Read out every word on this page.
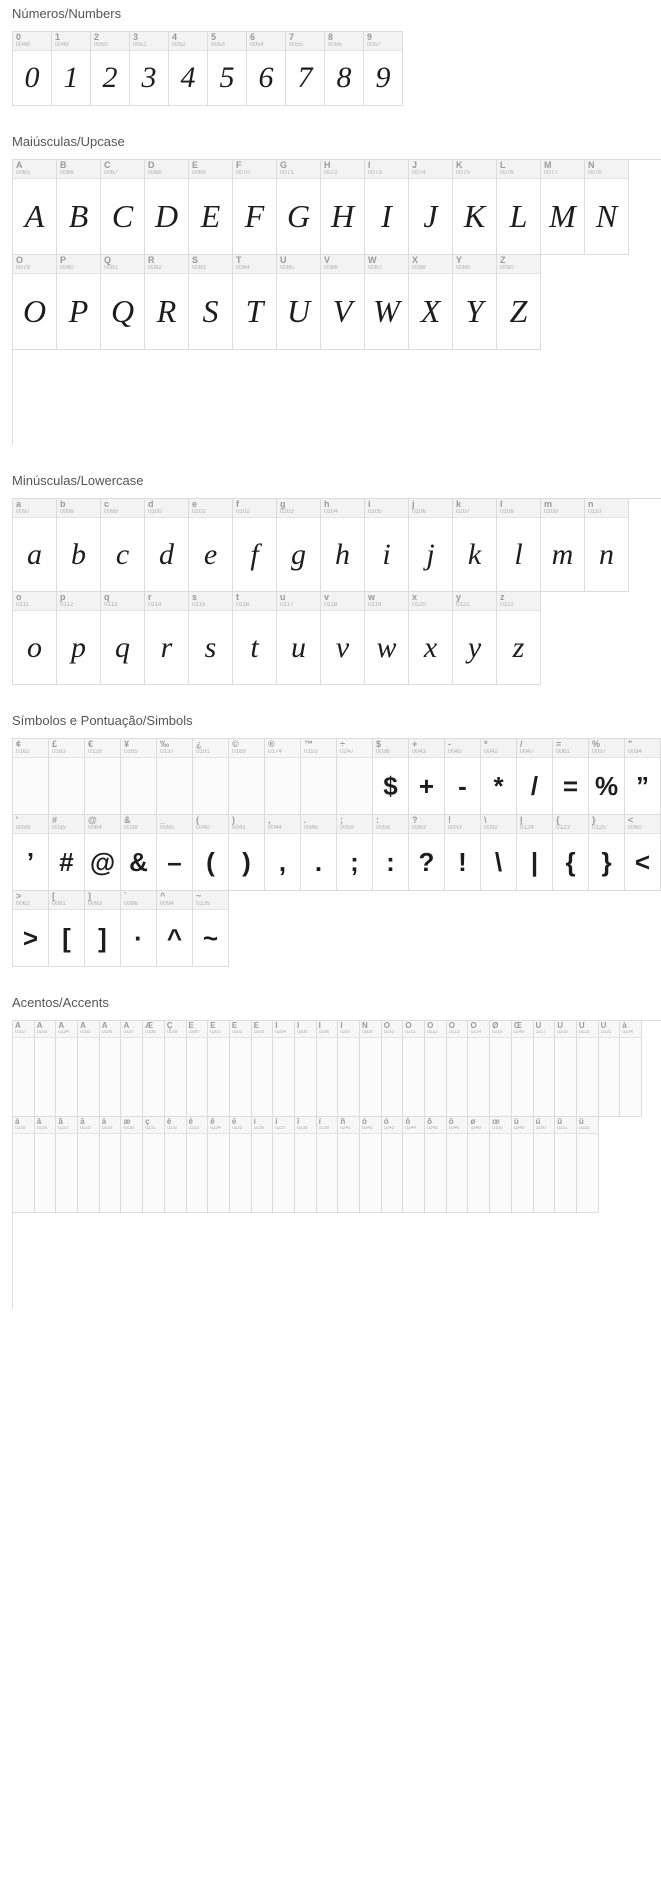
Números/Numbers
0
0048
0
1
0049
1
2
0050
2
3
0051
3
4
0052
4
5
0053
5
6
0054
6
7
0055
7
8
0056
8
9
0057
9
Maiúsculas/Upcase
A
0065
A
B
0066
B
C
0067
C
D
0068
D
E
0069
E
F
0070
F
G
0071
G
H
0072
H
I
0073
I
J
0074
J
K
0075
K
L
0076
L
M
0077
M
N
0078
N
O
0079
O
P
0080
P
Q
0081
Q
R
0082
R
S
0083
S
T
0084
T
U
0085
U
V
0086
V
W
0087
W
X
0088
X
Y
0089
Y
Z
0090
Z
Minúsculas/Lowercase
a
0097
a
b
0098
b
c
0099
c
d
0100
d
e
0101
e
f
0102
f
g
0103
g
h
0104
h
i
0105
i
j
0106
j
k
0107
k
l
0108
l
m
0109
m
n
0110
n
o
0111
o
p
0112
p
q
0113
q
r
0114
r
s
0115
s
t
0116
t
u
0117
u
v
0118
v
w
0119
w
x
0120
x
y
0121
y
z
0122
z
Símbolos e Pontuação/Simbols
¢
0162
£
0163
€
0128
¥
0165
‰
0137
¿
0191
©
0169
®
0174
™
0153
÷
0247
$
0036
$
+
0043
+
-
0045
-
*
0042
*
/
0047
/
=
0061
=
%
0037
%
"
0034
”
'
0039
’
#
0035
#
@
0064
@
&
0038
&
_
0095
–
(
0040
(
)
0041
)
,
0044
,
.
0046
.
;
0059
;
:
0058
:
?
0063
?
!
0033
!
\
0092
\
|
0124
|
{
0123
{
}
0125
}
<
0060
<
>
0062
>
[
0091
[
]
0093
]
`
0096
·
^
0094
^
~
0126
~
Acentos/Accents
À
0192
Á
0193
Â
0194
Ã
0195
Ä
0196
Å
0197
Æ
0198
Ç
0199
È
0200
É
0201
Ê
0202
Ë
0203
Ì
0204
Í
0205
Î
0206
Ï
0207
Ñ
0209
Ò
0210
Ó
0211
Ô
0212
Õ
0213
Ö
0214
Ø
0216
Œ
0140
Ù
0217
Ú
0218
Û
0219
Ü
0220
à
0224
á
0225
â
0226
ã
0227
ä
0228
å
0229
æ
0230
ç
0231
è
0232
é
0233
ê
0234
ë
0235
ì
0236
í
0237
î
0238
ï
0239
ñ
0241
ò
0242
ó
0243
ô
0244
õ
0245
ö
0246
ø
0248
œ
0156
ù
0249
ú
0250
û
0251
ü
0252
